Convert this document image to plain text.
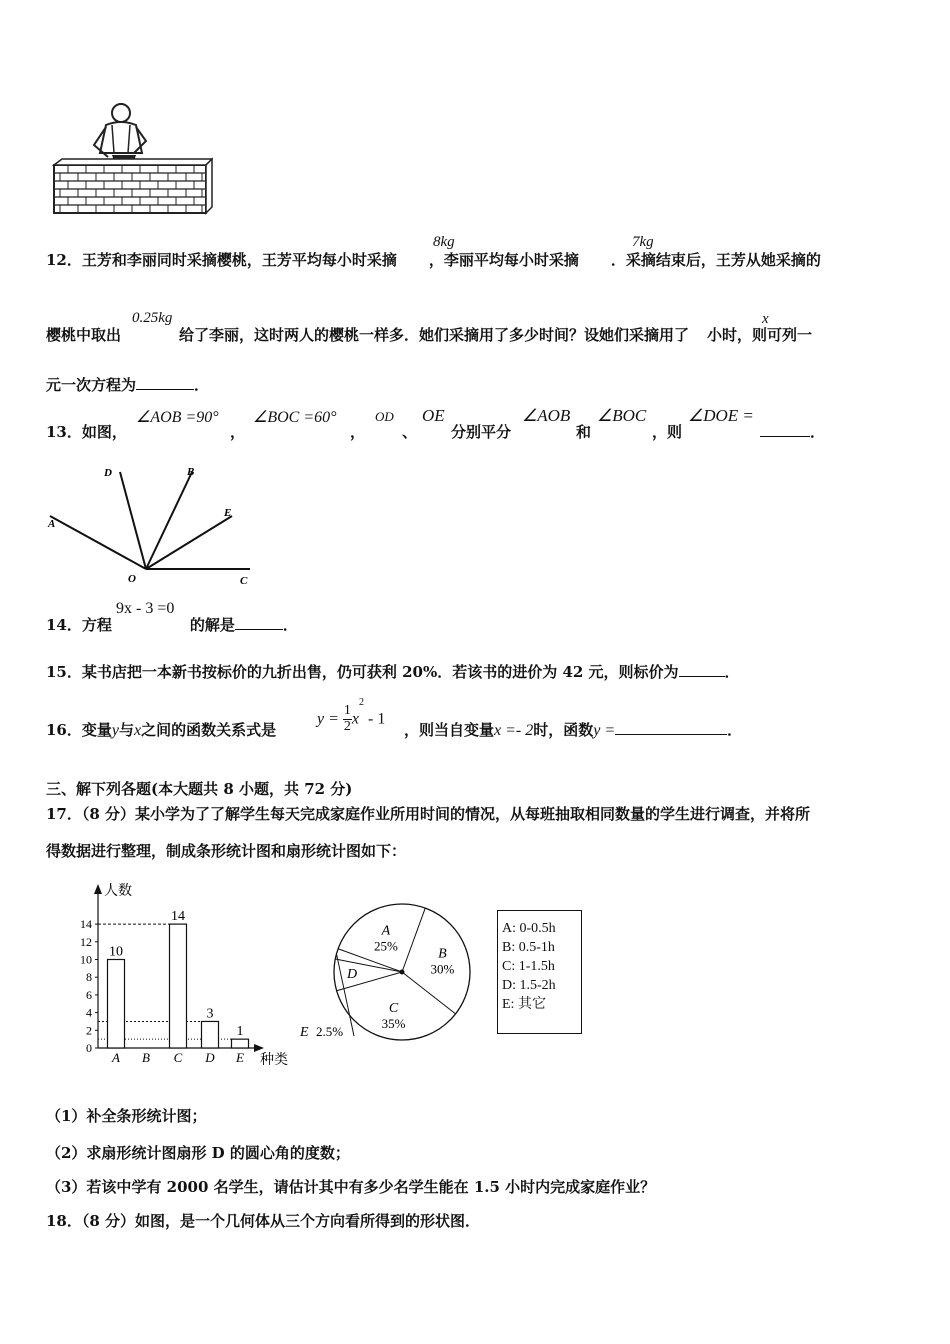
12．王芳和李丽同时采摘樱桃，王芳平均每小时采摘 ，李丽平均每小时采摘 ．采摘结束后，王芳从她采摘的
8kg	7kg
樱桃中取出	给了李丽，这时两人的樱桃一样多．她们采摘用了多少时间？设她们采摘用了 小时，则可列一
0.25kg	x
元一次方程为	．
13．如图，
∠AOB =90°
，
∠BOC =60°
，
OD
、
OE
分别平分
∠AOB
和
∠BOC
，则
∠DOE =
．
A
D	B
E
O	C
14．方程	的解是	．
9x - 3 =0
15．某书店把一本新书按标价的九折出售，仍可获利 20%．若该书的进价为 42 元，则标价为	．
16．变量y与x之间的函数关系式是
$y = \frac{1}{2} x^2 - 1$
，则当自变量x =- 2时，函数y =	．
三、解下列各题(本大题共 8 小题，共 72 分)
17．（8 分）某小学为了了解学生每天完成家庭作业所用时间的情况，从每班抽取相同数量的学生进行调查，并将所
得数据进行整理，制成条形统计图和扇形统计图如下：
人数
种类
0
2
4
6
8
10
12
14
10
A B
14
C
3
D
1
E
A
25%
B
30%
C
35%
D
E 2.5%
A: 0-0.5h
B: 0.5-1h
C: 1-1.5h
D: 1.5-2h
E: 其它
（1）补全条形统计图；
（2）求扇形统计图扇形 D 的圆心角的度数；
（3）若该中学有 2000 名学生，请估计其中有多少名学生能在 1.5 小时内完成家庭作业？
18．（8 分）如图，是一个几何体从三个方向看所得到的形状图．
